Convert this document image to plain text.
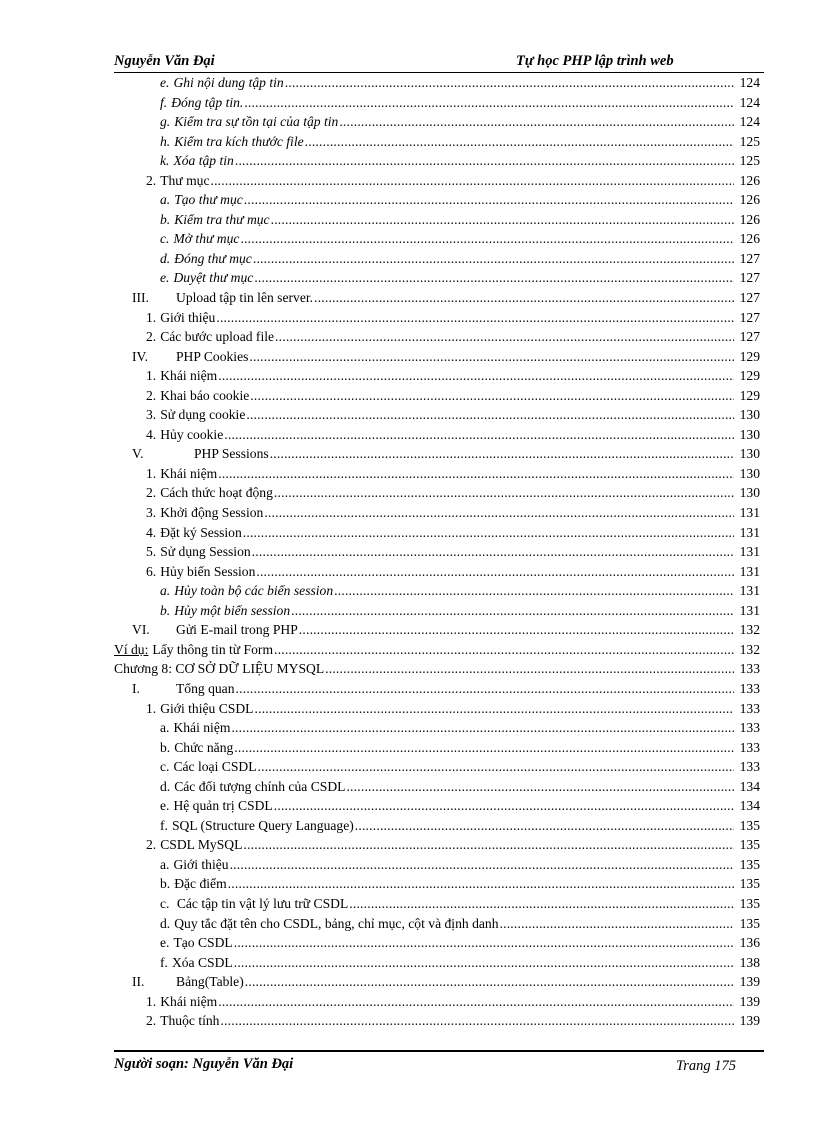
Nguyễn Văn Đại	Tự học PHP lập trình web
e. Ghi nội dung tập tin .....	124
f. Đóng tập tin. .....	124
g. Kiểm tra sự tồn tại của tập tin .....	124
h. Kiểm tra kích thước file .....	125
k. Xóa tập tin .....	125
2. Thư mục .....	126
a. Tạo thư mục .....	126
b. Kiểm tra thư mục .....	126
c. Mở thư mục .....	126
d. Đóng thư mục .....	127
e. Duyệt thư mục .....	127
III.	Upload tập tin lên server. .....	127
1. Giới thiệu .....	127
2. Các bước upload file .....	127
IV.	PHP Cookies .....	129
1. Khái niệm .....	129
2. Khai báo cookie .....	129
3. Sử dụng cookie .....	130
4. Hủy cookie .....	130
V.	PHP Sessions .....	130
1. Khái niệm .....	130
2. Cách thức hoạt động .....	130
3. Khởi động Session .....	131
4. Đặt ký Session .....	131
5. Sử dụng Session .....	131
6. Hủy biến Session .....	131
a. Hủy toàn bộ các biến session .....	131
b. Hủy một biến session .....	131
VI.	Gửi E-mail trong PHP .....	132
Ví dụ: Lấy thông tin từ Form .....	132
Chương 8: CƠ SỞ DỮ LIỆU MYSQL .....	133
I.	Tổng quan .....	133
1. Giới thiệu CSDL .....	133
a. Khái niệm .....	133
b. Chức năng .....	133
c. Các loại CSDL .....	133
d. Các đối tượng chính của CSDL .....	134
e. Hệ quản trị CSDL .....	134
f. SQL (Structure Query Language) .....	135
2. CSDL MySQL .....	135
a. Giới thiệu .....	135
b. Đặc điểm .....	135
c. Các tập tin vật lý lưu trữ CSDL .....	135
d. Quy tắc đặt tên cho CSDL, bảng, chỉ mục, cột và định danh .....	135
e. Tạo CSDL .....	136
f. Xóa CSDL .....	138
II.	Bảng(Table) .....	139
1. Khái niệm .....	139
2. Thuộc tính .....	139
Người soạn: Nguyễn Văn Đại	Trang 175
